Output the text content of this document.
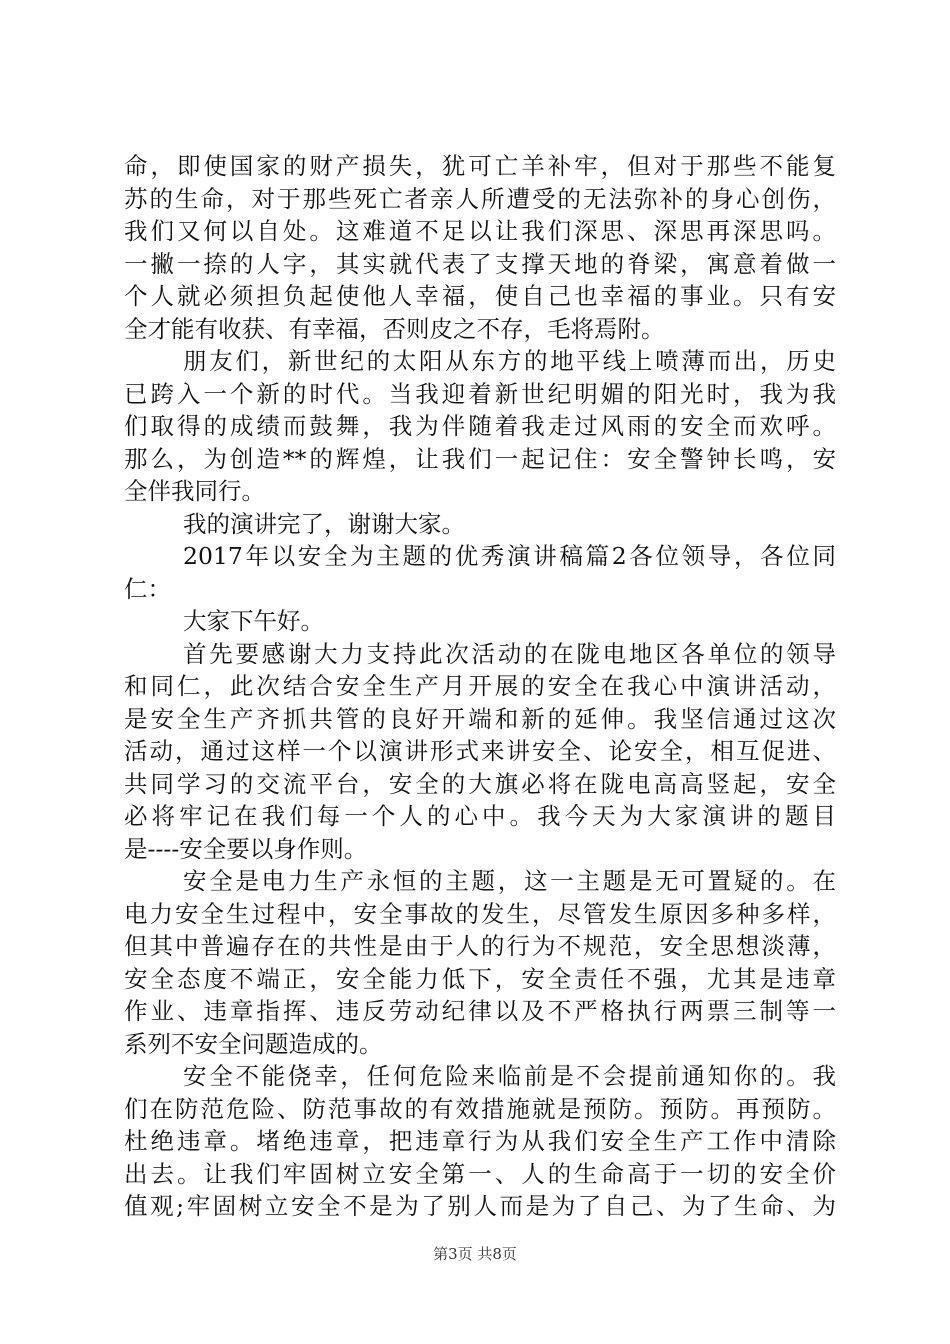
命，即使国家的财产损失，犹可亡羊补牢，但对于那些不能复
苏的生命，对于那些死亡者亲人所遭受的无法弥补的身心创伤，
我们又何以自处。这难道不足以让我们深思、深思再深思吗。
一撇一捺的人字，其实就代表了支撑天地的脊梁，寓意着做一
个人就必须担负起使他人幸福，使自己也幸福的事业。只有安
全才能有收获、有幸福，否则皮之不存，毛将焉附。
朋友们，新世纪的太阳从东方的地平线上喷薄而出，历史
已跨入一个新的时代。当我迎着新世纪明媚的阳光时，我为我
们取得的成绩而鼓舞，我为伴随着我走过风雨的安全而欢呼。
那么，为创造**的辉煌，让我们一起记住：安全警钟长鸣，安
全伴我同行。
我的演讲完了，谢谢大家。
2017年以安全为主题的优秀演讲稿篇2各位领导，各位同
仁：
大家下午好。
首先要感谢大力支持此次活动的在陇电地区各单位的领导
和同仁，此次结合安全生产月开展的安全在我心中演讲活动，
是安全生产齐抓共管的良好开端和新的延伸。我坚信通过这次
活动，通过这样一个以演讲形式来讲安全、论安全，相互促进、
共同学习的交流平台，安全的大旗必将在陇电高高竖起，安全
必将牢记在我们每一个人的心中。我今天为大家演讲的题目
是----安全要以身作则。
安全是电力生产永恒的主题，这一主题是无可置疑的。在
电力安全生过程中，安全事故的发生，尽管发生原因多种多样，
但其中普遍存在的共性是由于人的行为不规范，安全思想淡薄，
安全态度不端正，安全能力低下，安全责任不强，尤其是违章
作业、违章指挥、违反劳动纪律以及不严格执行两票三制等一
系列不安全问题造成的。
安全不能侥幸，任何危险来临前是不会提前通知你的。我
们在防范危险、防范事故的有效措施就是预防。预防。再预防。
杜绝违章。堵绝违章，把违章行为从我们安全生产工作中清除
出去。让我们牢固树立安全第一、人的生命高于一切的安全价
值观;牢固树立安全不是为了别人而是为了自己、为了生命、为
第3页 共8页
